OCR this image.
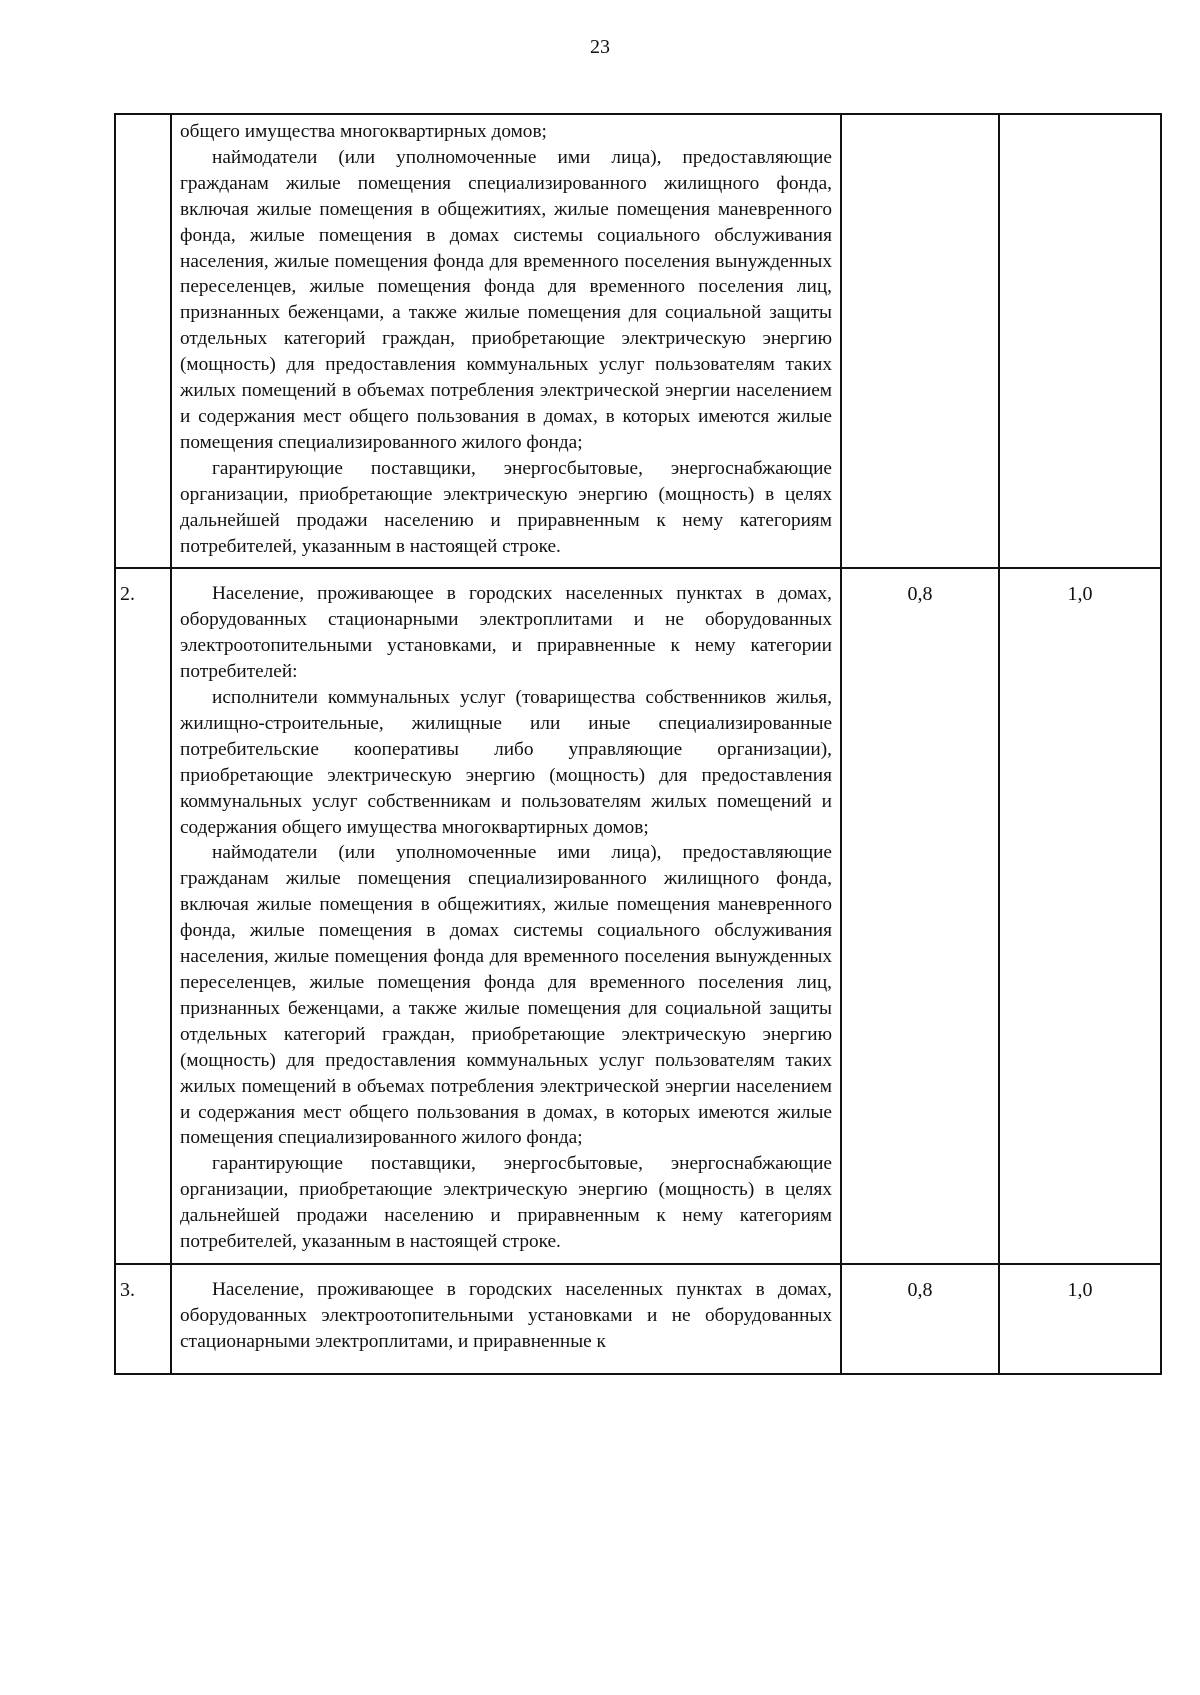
23

	общего имущества многоквартирных домов;

наймодатели (или уполномоченные ими лица), предоставляющие гражданам жилые помещения специализированного жилищного фонда, включая жилые помещения в общежитиях, жилые помещения маневренного фонда, жилые помещения в домах системы социального обслуживания населения, жилые помещения фонда для временного поселения вынужденных переселенцев, жилые помещения фонда для временного поселения лиц, признанных беженцами, а также жилые помещения для социальной защиты отдельных категорий граждан, приобретающие электрическую энергию (мощность) для предоставления коммунальных услуг пользователям таких жилых помещений в объемах потребления электрической энергии населением и содержания мест общего пользования в домах, в которых имеются жилые помещения специализированного жилого фонда;

гарантирующие поставщики, энергосбытовые, энергоснабжающие организации, приобретающие электрическую энергию (мощность) в целях дальнейшей продажи населению и приравненным к нему категориям потребителей, указанным в настоящей строке.		

2.	Население, проживающее в городских населенных пунктах в домах, оборудованных стационарными электроплитами и не оборудованных электроотопительными установками, и приравненные к нему категории потребителей:

исполнители коммунальных услуг (товарищества собственников жилья, жилищно-строительные, жилищные или иные специализированные потребительские кооперативы либо управляющие организации), приобретающие электрическую энергию (мощность) для предоставления коммунальных услуг собственникам и пользователям жилых помещений и содержания общего имущества многоквартирных домов;

наймодатели (или уполномоченные ими лица), предоставляющие гражданам жилые помещения специализированного жилищного фонда, включая жилые помещения в общежитиях, жилые помещения маневренного фонда, жилые помещения в домах системы социального обслуживания населения, жилые помещения фонда для временного поселения вынужденных переселенцев, жилые помещения фонда для временного поселения лиц, признанных беженцами, а также жилые помещения для социальной защиты отдельных категорий граждан, приобретающие электрическую энергию (мощность) для предоставления коммунальных услуг пользователям таких жилых помещений в объемах потребления электрической энергии населением и содержания мест общего пользования в домах, в которых имеются жилые помещения специализированного жилого фонда;

гарантирующие поставщики, энергосбытовые, энергоснабжающие организации, приобретающие электрическую энергию (мощность) в целях дальнейшей продажи населению и приравненным к нему категориям потребителей, указанным в настоящей строке.	0,8	1,0
3.	Население, проживающее в городских населенных пунктах в домах, оборудованных электроотопительными установками и не оборудованных стационарными электроплитами, и приравненные к	0,8	1,0
